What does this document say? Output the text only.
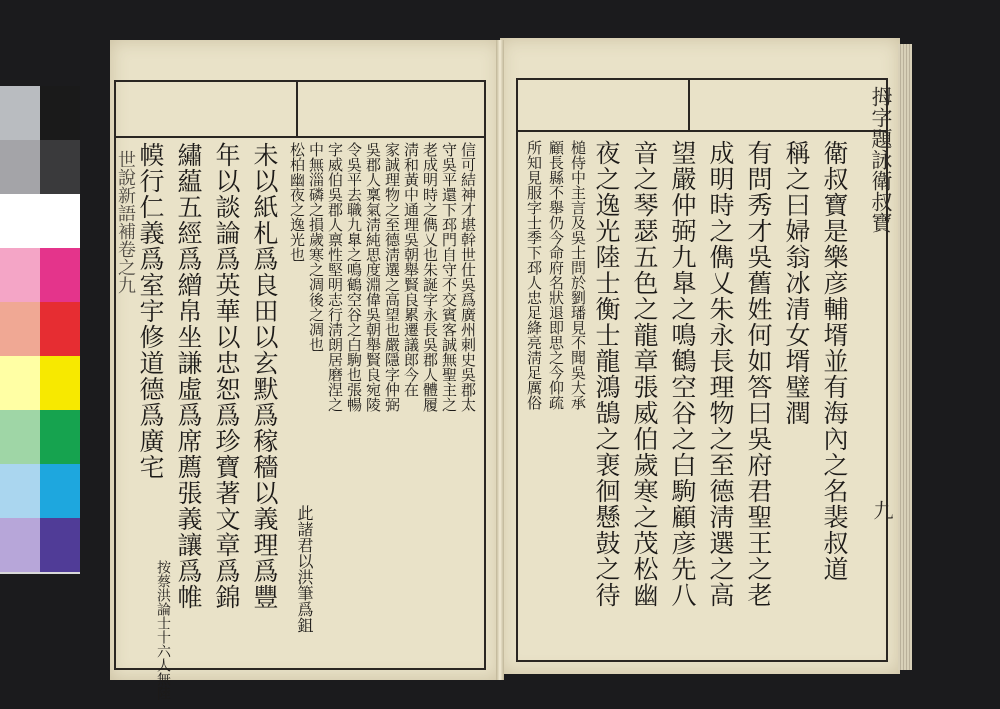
拇字題詠衛叔寶
九
衛叔寶是樂彦輔壻並有海內之名裴叔道
稱之曰婦翁冰清女壻璧潤
有問秀才吳舊姓何如答曰吳府君聖王之老
成明時之儁乂朱永長理物之至德淸選之高
望嚴仲弼九臯之鳴鶴空谷之白駒顧彦先八
音之琴瑟五色之龍章張威伯歲寒之茂松幽
夜之逸光陸士衡士龍鴻鵠之裵徊懸鼓之待
槌侍中主言及吳士問於劉璠見不聞吳大承
顧長縣不舉仍今命府名狀退即思之今仰疏
所知見服字士季下邳人忠足絳亮淸足厲俗
信可結神才堪幹世仕吳爲廣州刺史吳郡太
守吳平還下邳門自守不交賓客誠無聖主之
老成明時之儁乂也朱誕字永長吳郡人體履
淸和黃中通理吳朝舉賢良累遷議郎今在
家誠理物之至德淸選之高望也嚴隱字仲弼
吳郡人稟氣淸純思度淵偉吳朝舉賢良宛陵
令吳平去職九臯之鳴鶴空谷之白駒也張暢
字威伯吳郡人禀性堅明志行淸朗居磨涅之
中無淄磷之損歲寒之凋後之凋也
松柏幽夜之逸光也
此諸君以洪筆爲鉏
未以紙札爲良田以玄默爲稼穡以義理爲豐
年以談論爲英華以忠恕爲珍寶著文章爲錦
繡藴五經爲繒帛坐謙虛爲席薦張義讓爲帷
幙行仁義爲室宇修道德爲廣宅
按蔡洪論士十六人無陸
世說新語補卷之九
